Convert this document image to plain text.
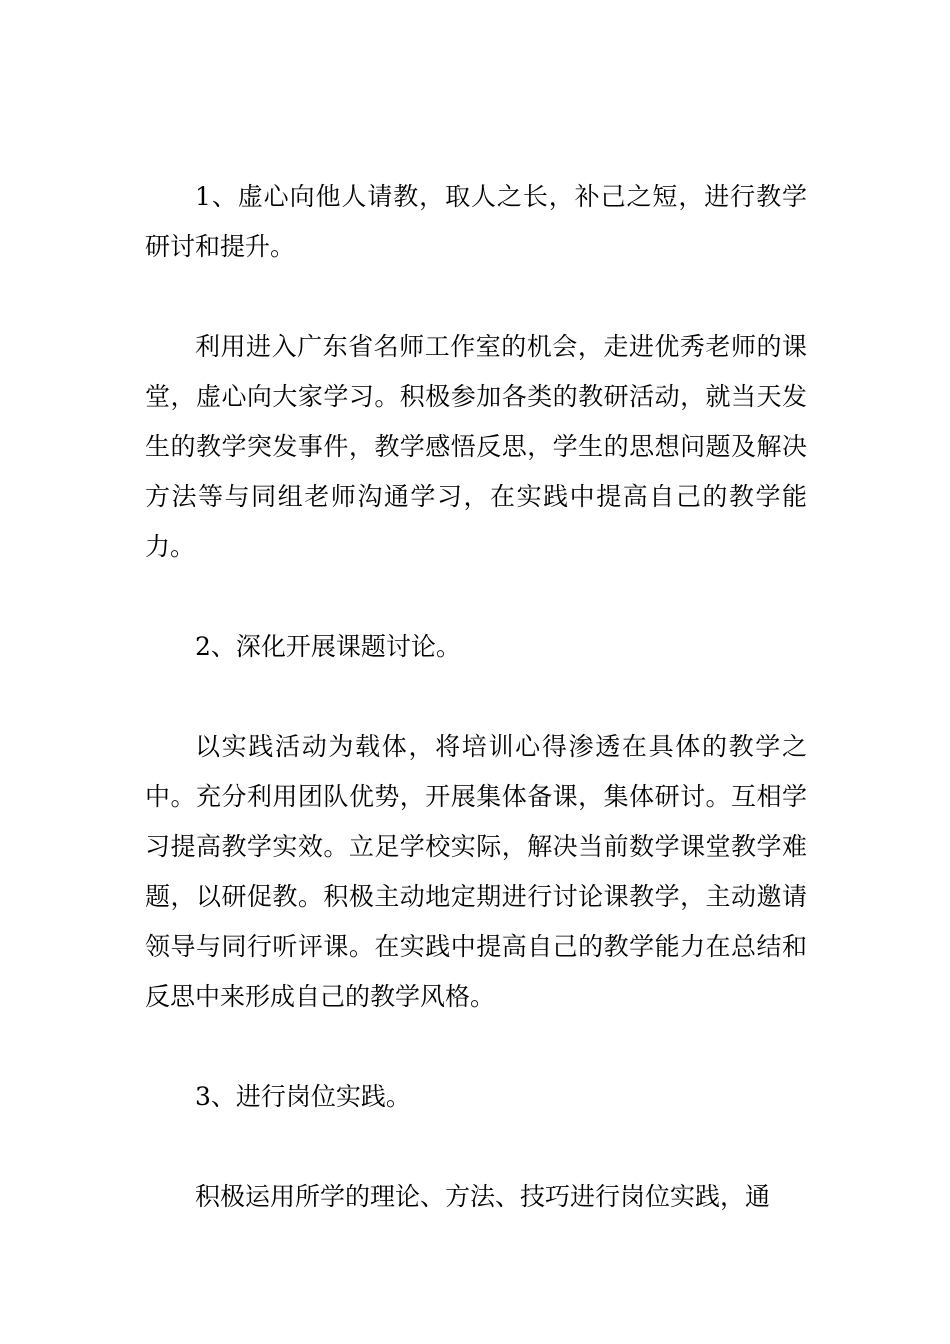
1、虚心向他人请教，取人之长，补己之短，进行教学研讨和提升。

利用进入广东省名师工作室的机会，走进优秀老师的课堂，虚心向大家学习。积极参加各类的教研活动，就当天发生的教学突发事件，教学感悟反思，学生的思想问题及解决方法等与同组老师沟通学习，在实践中提高自己的教学能力。

2、深化开展课题讨论。

以实践活动为载体，将培训心得渗透在具体的教学之中。充分利用团队优势，开展集体备课，集体研讨。互相学习提高教学实效。立足学校实际，解决当前数学课堂教学难题，以研促教。积极主动地定期进行讨论课教学，主动邀请领导与同行听评课。在实践中提高自己的教学能力在总结和反思中来形成自己的教学风格。

3、进行岗位实践。

积极运用所学的理论、方法、技巧进行岗位实践，通
